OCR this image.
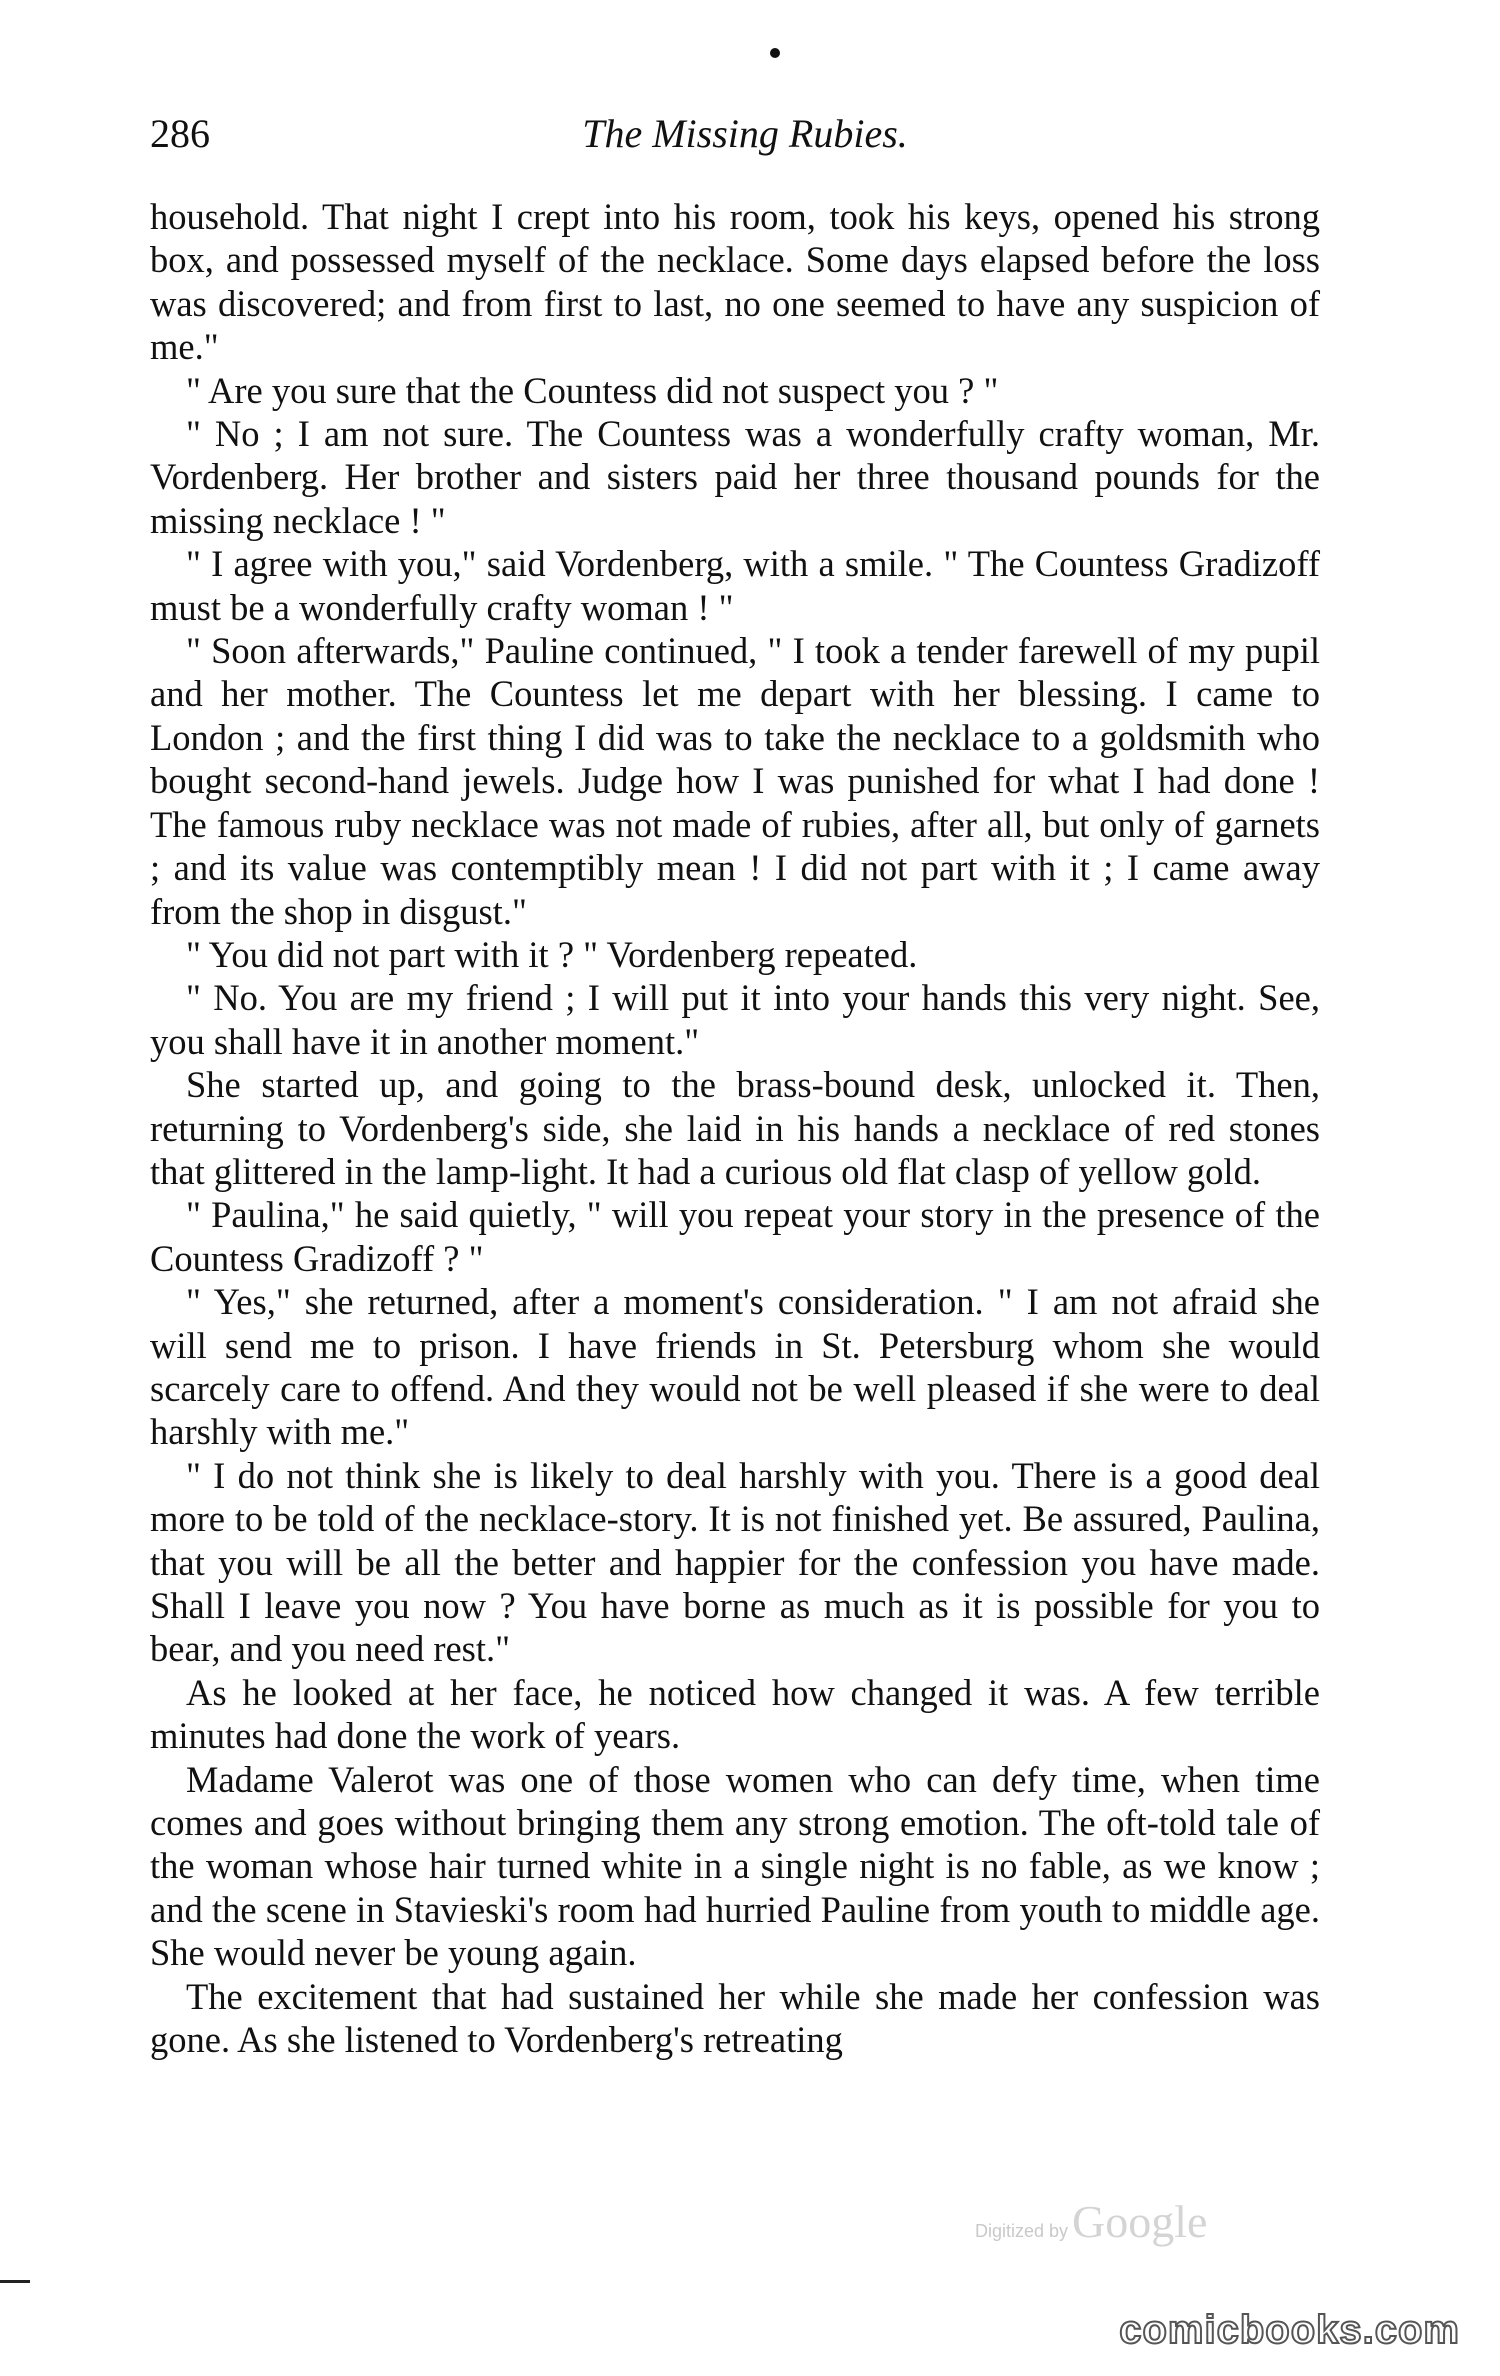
286	The Missing Rubies.

household. That night I crept into his room, took his keys, opened his strong box, and possessed myself of the necklace. Some days elapsed before the loss was discovered; and from first to last, no one seemed to have any suspicion of me."

" Are you sure that the Countess did not suspect you ? "

" No ; I am not sure. The Countess was a wonderfully crafty woman, Mr. Vordenberg. Her brother and sisters paid her three thousand pounds for the missing necklace ! "

" I agree with you," said Vordenberg, with a smile. " The Countess Gradizoff must be a wonderfully crafty woman ! "

" Soon afterwards," Pauline continued, " I took a tender farewell of my pupil and her mother. The Countess let me depart with her blessing. I came to London ; and the first thing I did was to take the necklace to a goldsmith who bought second-hand jewels. Judge how I was punished for what I had done ! The famous ruby necklace was not made of rubies, after all, but only of garnets ; and its value was contemptibly mean ! I did not part with it ; I came away from the shop in disgust."

" You did not part with it ? " Vordenberg repeated.

" No. You are my friend ; I will put it into your hands this very night. See, you shall have it in another moment."

She started up, and going to the brass-bound desk, unlocked it. Then, returning to Vordenberg's side, she laid in his hands a necklace of red stones that glittered in the lamp-light. It had a curious old flat clasp of yellow gold.

" Paulina," he said quietly, " will you repeat your story in the presence of the Countess Gradizoff ? "

" Yes," she returned, after a moment's consideration. " I am not afraid she will send me to prison. I have friends in St. Petersburg whom she would scarcely care to offend. And they would not be well pleased if she were to deal harshly with me."

" I do not think she is likely to deal harshly with you. There is a good deal more to be told of the necklace-story. It is not finished yet. Be assured, Paulina, that you will be all the better and happier for the confession you have made. Shall I leave you now ? You have borne as much as it is possible for you to bear, and you need rest."

As he looked at her face, he noticed how changed it was. A few terrible minutes had done the work of years.

Madame Valerot was one of those women who can defy time, when time comes and goes without bringing them any strong emotion. The oft-told tale of the woman whose hair turned white in a single night is no fable, as we know ; and the scene in Stavieski's room had hurried Pauline from youth to middle age. She would never be young again.

The excitement that had sustained her while she made her confession was gone. As she listened to Vordenberg's retreating

Digitized byGoogle
comicbooks.com
